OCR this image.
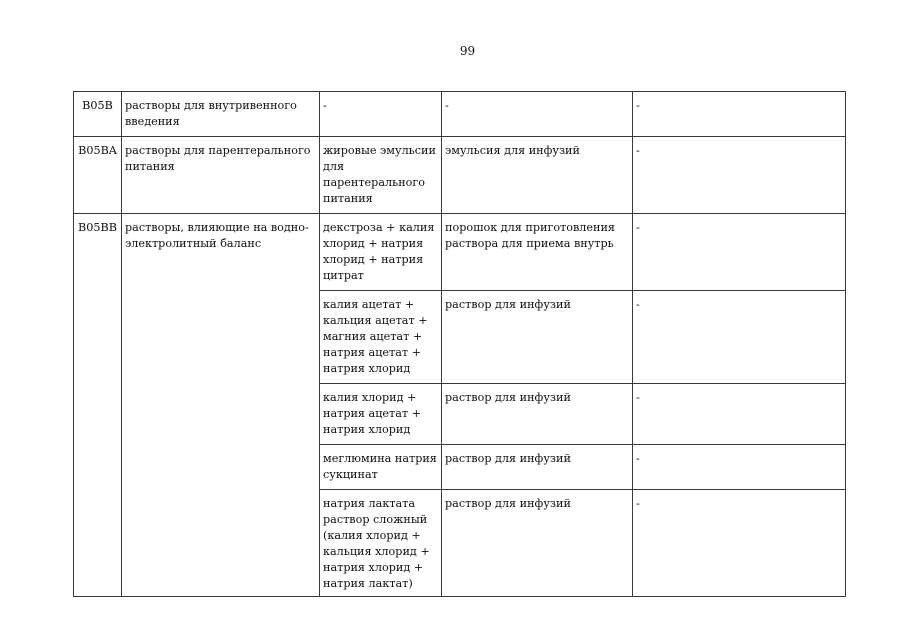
99
B05B	растворы для внутривенного введения	-	-	-
B05BA	растворы для парентерального питания	жировые эмульсии для парентерального питания	эмульсия для инфузий	-
B05BB	растворы, влияющие на водно-электролитный баланс	декстроза + калия хлорид + натрия хлорид + натрия цитрат	порошок для приготовления раствора для приема внутрь	-
		калия ацетат + кальция ацетат + магния ацетат + натрия ацетат + натрия хлорид	раствор для инфузий	-
		калия хлорид + натрия ацетат + натрия хлорид	раствор для инфузий	-
		меглюмина натрия сукцинат	раствор для инфузий	-
		натрия лактата раствор сложный (калия хлорид + кальция хлорид + натрия хлорид + натрия лактат)	раствор для инфузий	-
